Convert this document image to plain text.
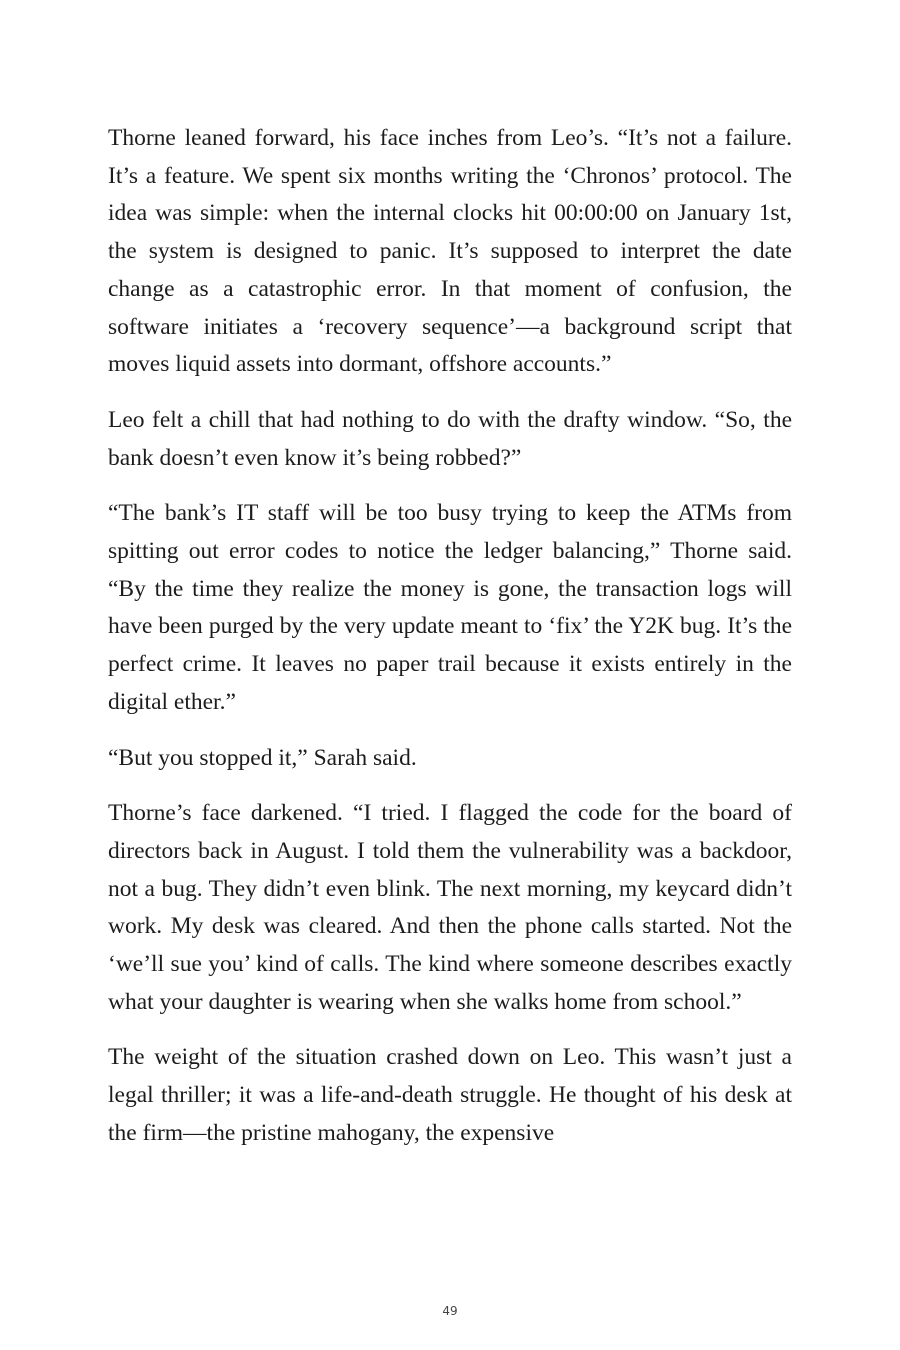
Thorne leaned forward, his face inches from Leo’s. “It’s not a failure. It’s a feature. We spent six months writing the ‘Chronos’ protocol. The idea was simple: when the internal clocks hit 00:00:00 on January 1st, the system is designed to panic. It’s supposed to interpret the date change as a catastrophic error. In that moment of confusion, the software initiates a ‘recovery sequence’—a background script that moves liquid assets into dormant, offshore accounts.”

Leo felt a chill that had nothing to do with the drafty window. “So, the bank doesn’t even know it’s being robbed?”

“The bank’s IT staff will be too busy trying to keep the ATMs from spitting out error codes to notice the ledger balancing,” Thorne said. “By the time they realize the money is gone, the transaction logs will have been purged by the very update meant to ‘fix’ the Y2K bug. It’s the perfect crime. It leaves no paper trail because it exists entirely in the digital ether.”

“But you stopped it,” Sarah said.

Thorne’s face darkened. “I tried. I flagged the code for the board of directors back in August. I told them the vulnerability was a backdoor, not a bug. They didn’t even blink. The next morning, my keycard didn’t work. My desk was cleared. And then the phone calls started. Not the ‘we’ll sue you’ kind of calls. The kind where someone describes exactly what your daughter is wearing when she walks home from school.”

The weight of the situation crashed down on Leo. This wasn’t just a legal thriller; it was a life-and-death struggle. He thought of his desk at the firm—the pristine mahogany, the expensive

49
